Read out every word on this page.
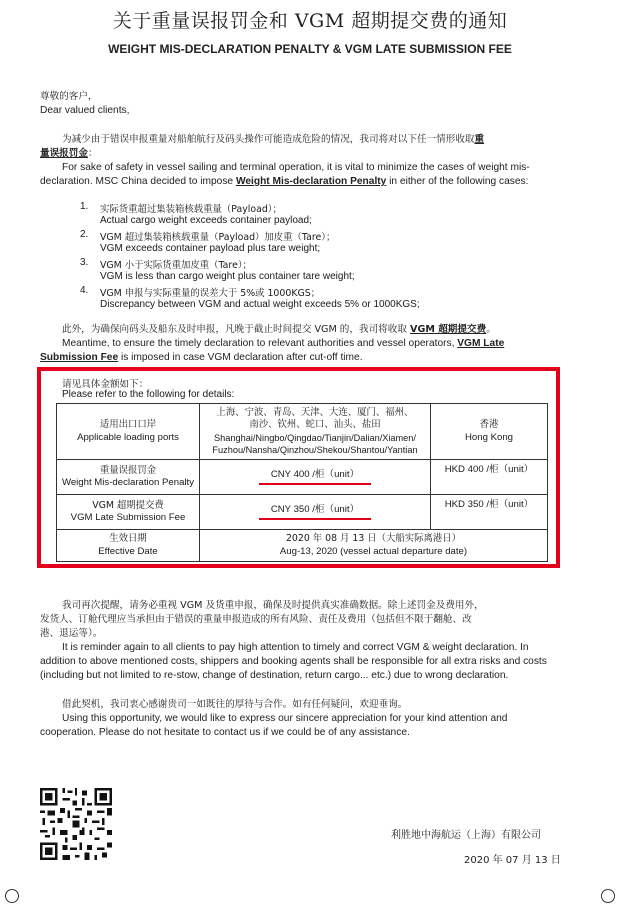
关于重量误报罚金和 VGM 超期提交费的通知
WEIGHT MIS-DECLARATION PENALTY & VGM LATE SUBMISSION FEE
尊敬的客户，
Dear valued clients,
为减少由于错误申报重量对船舶航行及码头操作可能造成危险的情况，我司将对以下任一情形收取重
量误报罚金：
For sake of safety in vessel sailing and terminal operation, it is vital to minimize the cases of weight mis-
declaration. MSC China decided to impose Weight Mis-declaration Penalty in either of the following cases:
1. 实际货重超过集装箱核载重量（Payload）；
Actual cargo weight exceeds container payload;
2. VGM 超过集装箱核载重量（Payload）加皮重（Tare）；
VGM exceeds container payload plus tare weight;
3. VGM 小于实际货重加皮重（Tare）；
VGM is less than cargo weight plus container tare weight;
4. VGM 申报与实际重量的误差大于 5%或 1000KGS；
Discrepancy between VGM and actual weight exceeds 5% or 1000KGS;
此外，为确保向码头及船东及时申报，凡晚于截止时间提交 VGM 的，我司将收取 VGM 超期提交费。
Meantime, to ensure the timely declaration to relevant authorities and vessel operators, VGM Late
Submission Fee is imposed in case VGM declaration after cut-off time.
请见具体金额如下：
Please refer to the following for details:
适用出口口岸
Applicable loading ports	上海、宁波、青岛、天津、大连、厦门、福州、
南沙、钦州、蛇口、汕头、盐田
Shanghai/Ningbo/Qingdao/Tianjin/Dalian/Xiamen/
Fuzhou/Nansha/Qinzhou/Shekou/Shantou/Yantian	香港
Hong Kong

重量误报罚金
Weight Mis-declaration Penalty	CNY 400 /柜（unit）	HKD 400 /柜（unit）

VGM 超期提交费
VGM Late Submission Fee	CNY 350 /柜（unit）	HKD 350 /柜（unit）

生效日期
Effective Date	2020 年 08 月 13 日（大船实际离港日）
Aug-13, 2020 (vessel actual departure date)	
我司再次提醒，请务必重视 VGM 及货重申报，确保及时提供真实准确数据。除上述罚金及费用外，
发货人、订舱代理应当承担由于错误的重量申报造成的所有风险、责任及费用（包括但不限于翻舱、改
港、退运等）。
It is reminder again to all clients to pay high attention to timely and correct VGM & weight declaration. In
addition to above mentioned costs, shippers and booking agents shall be responsible for all extra risks and costs
(including but not limited to re-stow, change of destination, return cargo... etc.) due to wrong declaration.
借此契机，我司衷心感谢贵司一如既往的厚待与合作。如有任何疑问，欢迎垂询。
Using this opportunity, we would like to express our sincere appreciation for your kind attention and
cooperation. Please do not hesitate to contact us if we could be of any assistance.
利胜地中海航运（上海）有限公司
2020 年 07 月 13 日
